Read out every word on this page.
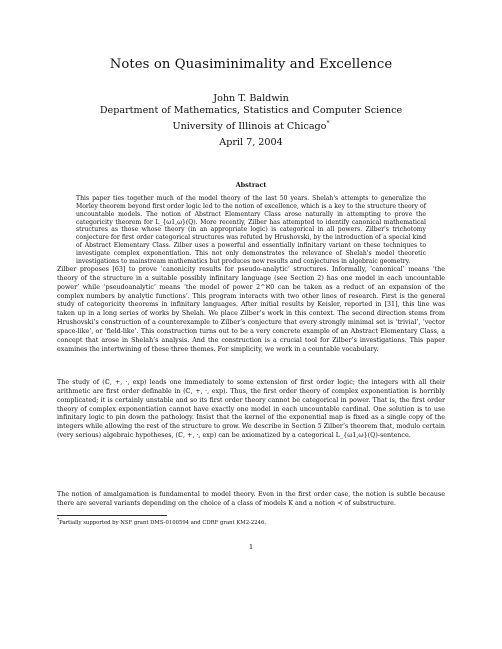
Notes on Quasiminimality and Excellence
John T. Baldwin
Department of Mathematics, Statistics and Computer Science
University of Illinois at Chicago*
April 7, 2004
Abstract
This paper ties together much of the model theory of the last 50 years. Shelah's attempts to generalize the Morley theorem beyond first order logic led to the notion of excellence, which is a key to the structure theory of uncountable models. The notion of Abstract Elementary Class arose naturally in attempting to prove the categoricity theorem for L_{ω1,ω}(Q). More recently, Zilber has attempted to identify canonical mathematical structures as those whose theory (in an appropriate logic) is categorical in all powers. Zilber's trichotomy conjecture for first order categorical structures was refuted by Hrushovski, by the introduction of a special kind of Abstract Elementary Class. Zilber uses a powerful and essentially infinitary variant on these techniques to investigate complex exponentiation. This not only demonstrates the relevance of Shelah's model theoretic investigations to mainstream mathematics but produces new results and conjectures in algebraic geometry.
Zilber proposes [63] to prove ‘canonicity results for pseudo-analytic’ structures. Informally, ‘canonical’ means ‘the theory of the structure in a suitable possibly infinitary language (see Section 2) has one model in each uncountable power’ while ‘pseudoanalytic’ means ‘the model of power 2^ℵ0 can be taken as a reduct of an expansion of the complex numbers by analytic functions’. This program interacts with two other lines of research. First is the general study of categoricity theorems in infinitary languages. After initial results by Keisler, reported in [31], this line was taken up in a long series of works by Shelah. We place Zilber’s work in this context. The second direction stems from Hrushovski’s construction of a counterexample to Zilber’s conjecture that every strongly minimal set is ‘trivial’, ‘vector space-like’, or ‘field-like’. This construction turns out to be a very concrete example of an Abstract Elementary Class, a concept that arose in Shelah’s analysis. And the construction is a crucial tool for Zilber’s investigations. This paper examines the intertwining of these three themes. For simplicity, we work in a countable vocabulary.
The study of (ℂ, +, ·, exp) leads one immediately to some extension of first order logic; the integers with all their arithmetic are first order definable in (ℂ, +, ·, exp). Thus, the first order theory of complex exponentiation is horribly complicated; it is certainly unstable and so its first order theory cannot be categorical in power. That is, the first order theory of complex exponentiation cannot have exactly one model in each uncountable cardinal. One solution is to use infinitary logic to pin down the pathology. Insist that the kernel of the exponential map is fixed as a single copy of the integers while allowing the rest of the structure to grow. We describe in Section 5 Zilber’s theorem that, modulo certain (very serious) algebraic hypotheses, (ℂ, +, ·, exp) can be axiomatized by a categorical L_{ω1,ω}(Q)-sentence.
The notion of amalgamation is fundamental to model theory. Even in the first order case, the notion is subtle because there are several variants depending on the choice of a class of models K and a notion ≺ of substructure.
*Partially supported by NSF grant DMS-0100594 and CDRF grant KM2-2246.
1
